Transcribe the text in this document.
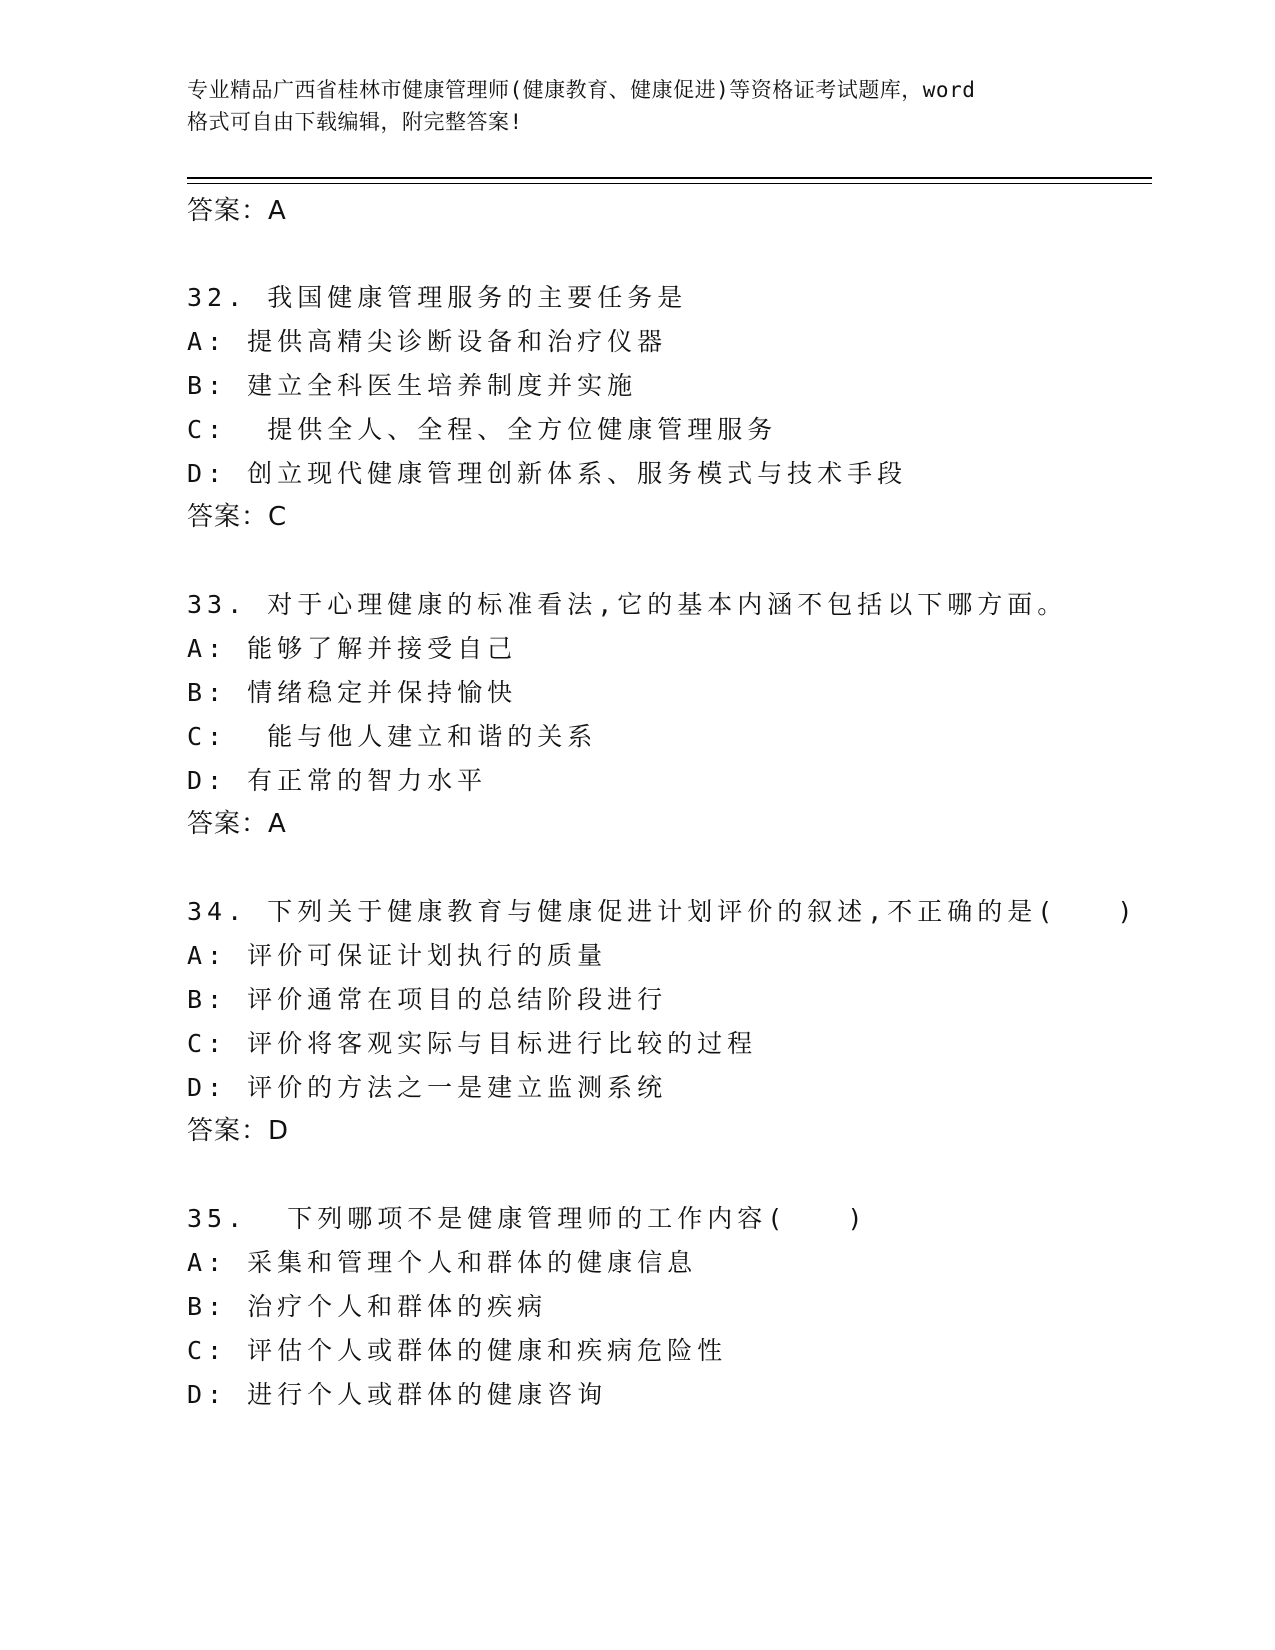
专业精品广西省桂林市健康管理师(健康教育、健康促进)等资格证考试题库，word
格式可自由下载编辑，附完整答案!
答案：A
32. 我国健康管理服务的主要任务是
A: 提供高精尖诊断设备和治疗仪器
B: 建立全科医生培养制度并实施
C:  提供全人、全程、全方位健康管理服务
D: 创立现代健康管理创新体系、服务模式与技术手段
答案：C
33. 对于心理健康的标准看法,它的基本内涵不包括以下哪方面。
A: 能够了解并接受自己
B: 情绪稳定并保持愉快
C:  能与他人建立和谐的关系
D: 有正常的智力水平
答案：A
34. 下列关于健康教育与健康促进计划评价的叙述,不正确的是(   )
A: 评价可保证计划执行的质量
B: 评价通常在项目的总结阶段进行
C: 评价将客观实际与目标进行比较的过程
D: 评价的方法之一是建立监测系统
答案：D
35.  下列哪项不是健康管理师的工作内容(   )
A: 采集和管理个人和群体的健康信息
B: 治疗个人和群体的疾病
C: 评估个人或群体的健康和疾病危险性
D: 进行个人或群体的健康咨询
